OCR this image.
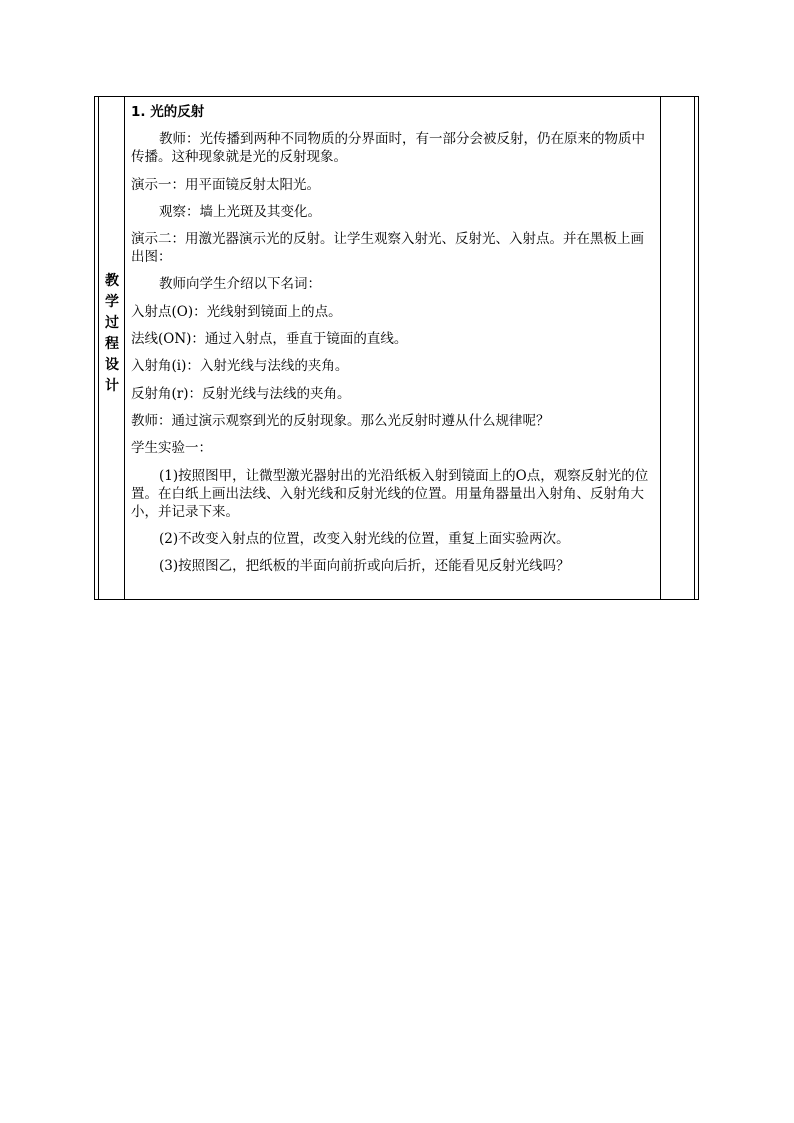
教
学
过
程
设
计

1. 光的反射

教师：光传播到两种不同物质的分界面时，有一部分会被反射，仍在原来的物质中传播。这种现象就是光的反射现象。

演示一：用平面镜反射太阳光。

观察：墙上光斑及其变化。

演示二：用激光器演示光的反射。让学生观察入射光、反射光、入射点。并在黑板上画出图：

教师向学生介绍以下名词：

入射点(O)：光线射到镜面上的点。

法线(ON)：通过入射点，垂直于镜面的直线。

入射角(i)：入射光线与法线的夹角。

反射角(r)：反射光线与法线的夹角。

教师：通过演示观察到光的反射现象。那么光反射时遵从什么规律呢？

学生实验一：

(1)按照图甲，让微型激光器射出的光沿纸板入射到镜面上的O点，观察反射光的位置。在白纸上画出法线、入射光线和反射光线的位置。用量角器量出入射角、反射角大小，并记录下来。

(2)不改变入射点的位置，改变入射光线的位置，重复上面实验两次。

(3)按照图乙，把纸板的半面向前折或向后折，还能看见反射光线吗？
